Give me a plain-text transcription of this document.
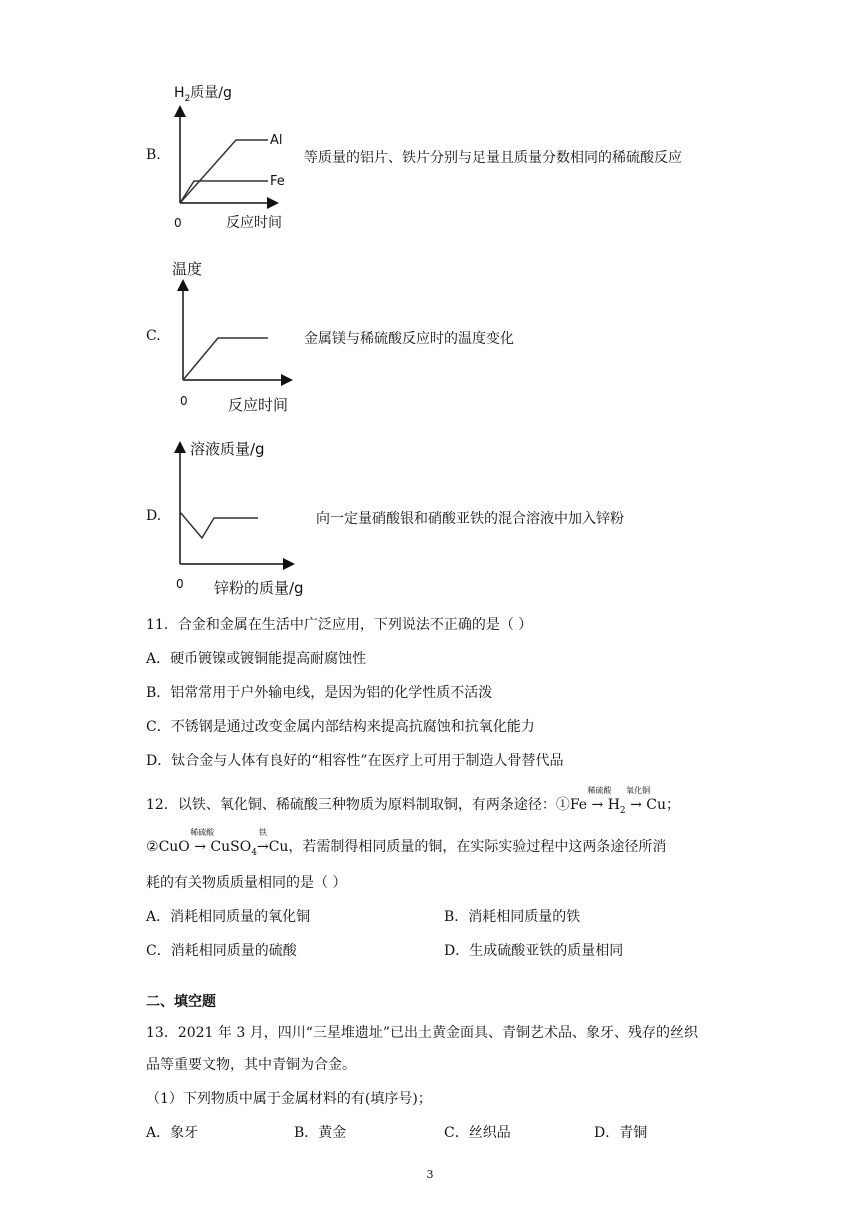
B.
0	反应时间
Al
Fe
$H_2$质量/g
等质量的铝片、铁片分别与足量且质量分数相同的稀硫酸反应
C.
0	反应时间
温度
金属镁与稀硫酸反应时的温度变化
D.
0 锌粉的质量/g
溶液质量/g
向一定量硝酸银和硝酸亚铁的混合溶液中加入锌粉
11．合金和金属在生活中广泛应用，下列说法不正确的是（ ）
A．硬币镀镍或镀铜能提高耐腐蚀性
B．铝常常用于户外输电线，是因为铝的化学性质不活泼
C．不锈钢是通过改变金属内部结构来提高抗腐蚀和抗氧化能力
D．钛合金与人体有良好的“相容性”在医疗上可用于制造人骨替代品
12．以铁、氧化铜、稀硫酸三种物质为原料制取铜，有两条途径：①Fe →
稀硫酸
$H_2$ →
氧化铜
Cu；
②CuO →
稀硫酸
CuSO$_4$→
铁
Cu，若需制得相同质量的铜，在实际实验过程中这两条途径所消
耗的有关物质质量相同的是（ ）
A．消耗相同质量的氧化铜	B．消耗相同质量的铁
C．消耗相同质量的硫酸	D．生成硫酸亚铁的质量相同
二、填空题
13．2021 年 3 月，四川“三星堆遗址”已出土黄金面具、青铜艺术品、象牙、残存的丝织
品等重要文物，其中青铜为合金。
（1）下列物质中属于金属材料的有(填序号)；
A．象牙	B．黄金	C．丝织品	D．青铜
3
